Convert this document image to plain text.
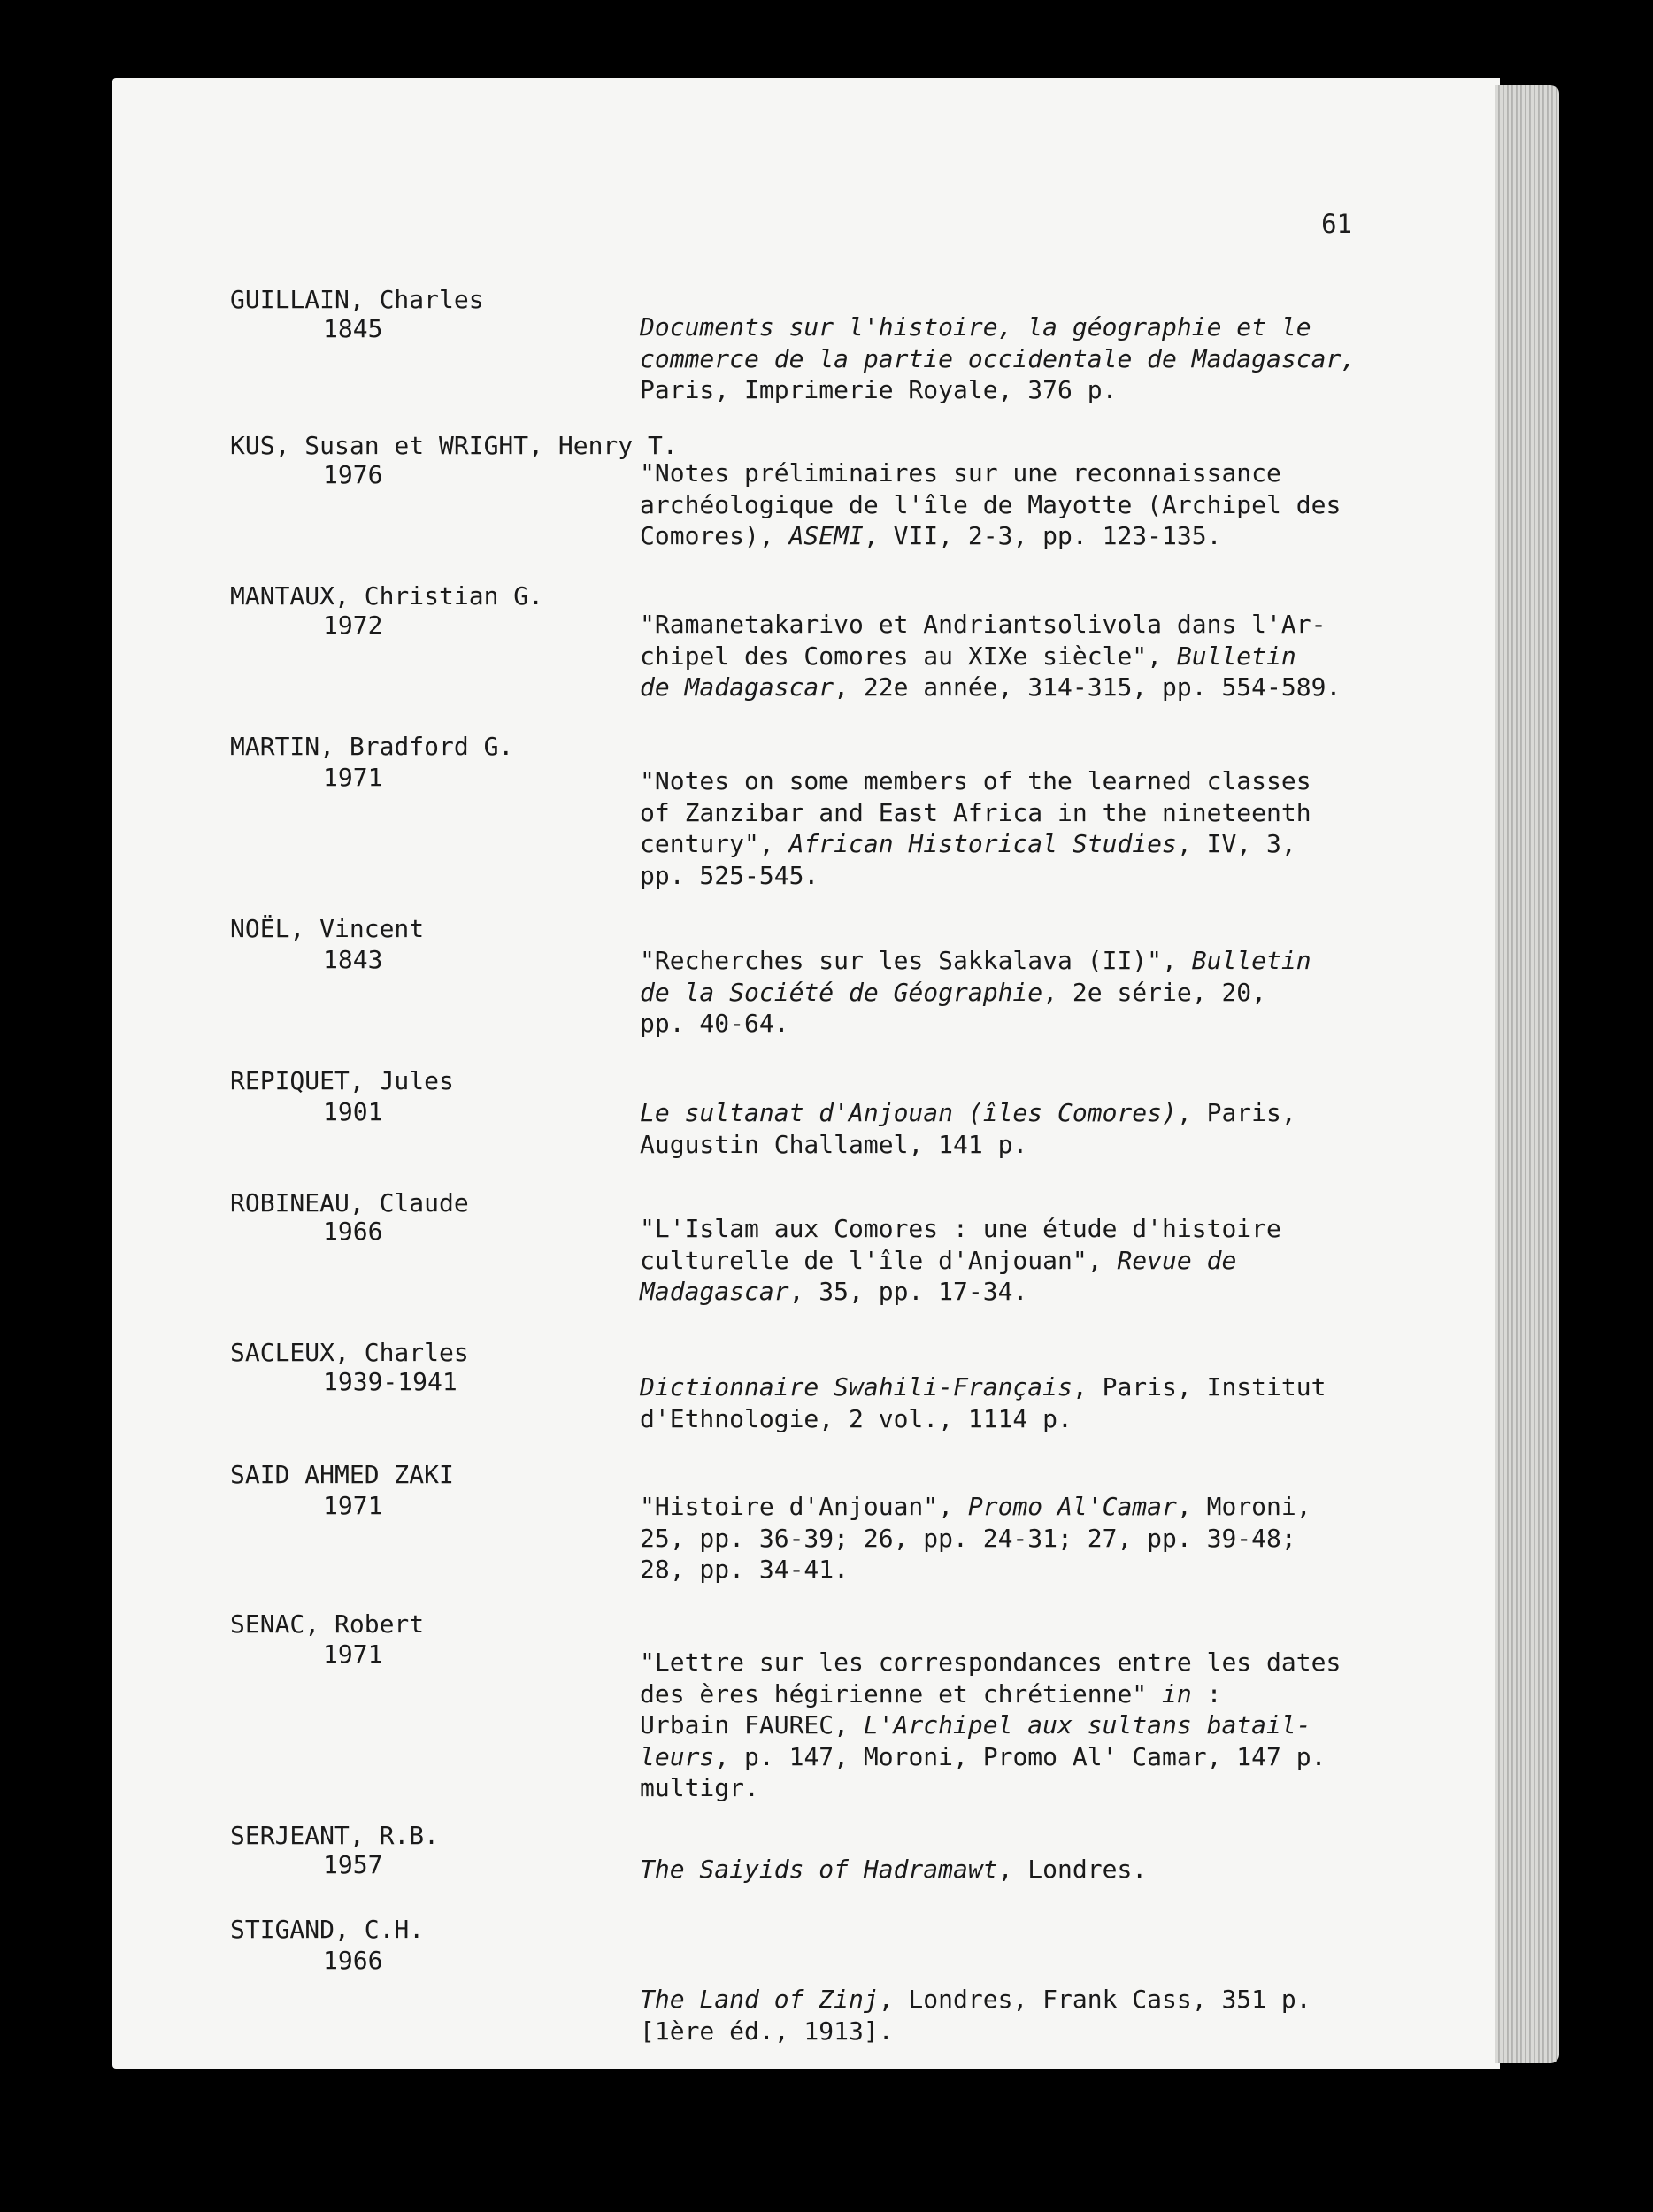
61
GUILLAIN, Charles
1845	Documents sur l'histoire, la géographie et le
commerce de la partie occidentale de Madagascar,
Paris, Imprimerie Royale, 376 p.
KUS, Susan et WRIGHT, Henry T.
1976	"Notes préliminaires sur une reconnaissance
archéologique de l'île de Mayotte (Archipel des
Comores), ASEMI, VII, 2-3, pp. 123-135.
MANTAUX, Christian G.
1972	"Ramanetakarivo et Andriantsolivola dans l'Ar-
chipel des Comores au XIXe siècle", Bulletin
de Madagascar, 22e année, 314-315, pp. 554-589.
MARTIN, Bradford G.
1971	"Notes on some members of the learned classes
of Zanzibar and East Africa in the nineteenth
century", African Historical Studies, IV, 3,
pp. 525-545.
NOËL, Vincent
1843	"Recherches sur les Sakkalava (II)", Bulletin
de la Société de Géographie, 2e série, 20,
pp. 40-64.
REPIQUET, Jules
1901	Le sultanat d'Anjouan (îles Comores), Paris,
Augustin Challamel, 141 p.
ROBINEAU, Claude
1966	"L'Islam aux Comores : une étude d'histoire
culturelle de l'île d'Anjouan", Revue de
Madagascar, 35, pp. 17-34.
SACLEUX, Charles
1939-1941	Dictionnaire Swahili-Français, Paris, Institut
d'Ethnologie, 2 vol., 1114 p.
SAID AHMED ZAKI
1971	"Histoire d'Anjouan", Promo Al'Camar, Moroni,
25, pp. 36-39; 26, pp. 24-31; 27, pp. 39-48;
28, pp. 34-41.
SENAC, Robert
1971	"Lettre sur les correspondances entre les dates
des ères hégirienne et chrétienne" in :
Urbain FAUREC, L'Archipel aux sultans batail-
leurs, p. 147, Moroni, Promo Al' Camar, 147 p.
multigr.
SERJEANT, R.B.
1957	The Saiyids of Hadramawt, Londres.
STIGAND, C.H.
1966
The Land of Zinj, Londres, Frank Cass, 351 p.
[1ère éd., 1913].
